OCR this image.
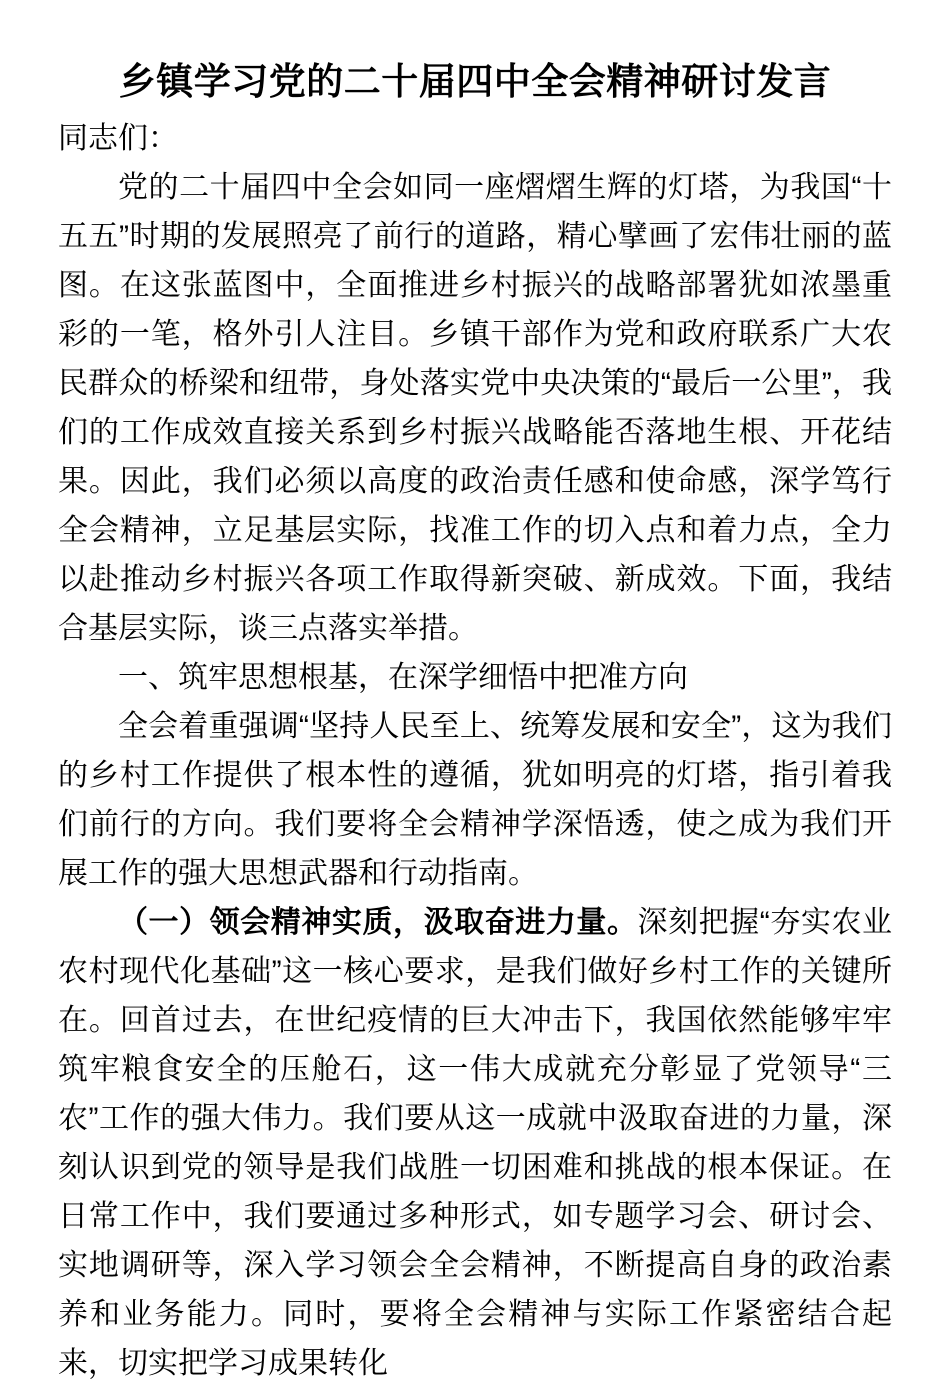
乡镇学习党的二十届四中全会精神研讨发言

同志们：

党的二十届四中全会如同一座熠熠生辉的灯塔，为我国“十五五”时期的发展照亮了前行的道路，精心擘画了宏伟壮丽的蓝图。在这张蓝图中，全面推进乡村振兴的战略部署犹如浓墨重彩的一笔，格外引人注目。乡镇干部作为党和政府联系广大农民群众的桥梁和纽带，身处落实党中央决策的“最后一公里”，我们的工作成效直接关系到乡村振兴战略能否落地生根、开花结果。因此，我们必须以高度的政治责任感和使命感，深学笃行全会精神，立足基层实际，找准工作的切入点和着力点，全力以赴推动乡村振兴各项工作取得新突破、新成效。下面，我结合基层实际，谈三点落实举措。

一、筑牢思想根基，在深学细悟中把准方向

全会着重强调“坚持人民至上、统筹发展和安全”，这为我们的乡村工作提供了根本性的遵循，犹如明亮的灯塔，指引着我们前行的方向。我们要将全会精神学深悟透，使之成为我们开展工作的强大思想武器和行动指南。

（一）领会精神实质，汲取奋进力量。深刻把握“夯实农业农村现代化基础”这一核心要求，是我们做好乡村工作的关键所在。回首过去，在世纪疫情的巨大冲击下，我国依然能够牢牢筑牢粮食安全的压舱石，这一伟大成就充分彰显了党领导“三农”工作的强大伟力。我们要从这一成就中汲取奋进的力量，深刻认识到党的领导是我们战胜一切困难和挑战的根本保证。在日常工作中，我们要通过多种形式，如专题学习会、研讨会、实地调研等，深入学习领会全会精神，不断提高自身的政治素养和业务能力。同时，要将全会精神与实际工作紧密结合起来，切实把学习成果转化
